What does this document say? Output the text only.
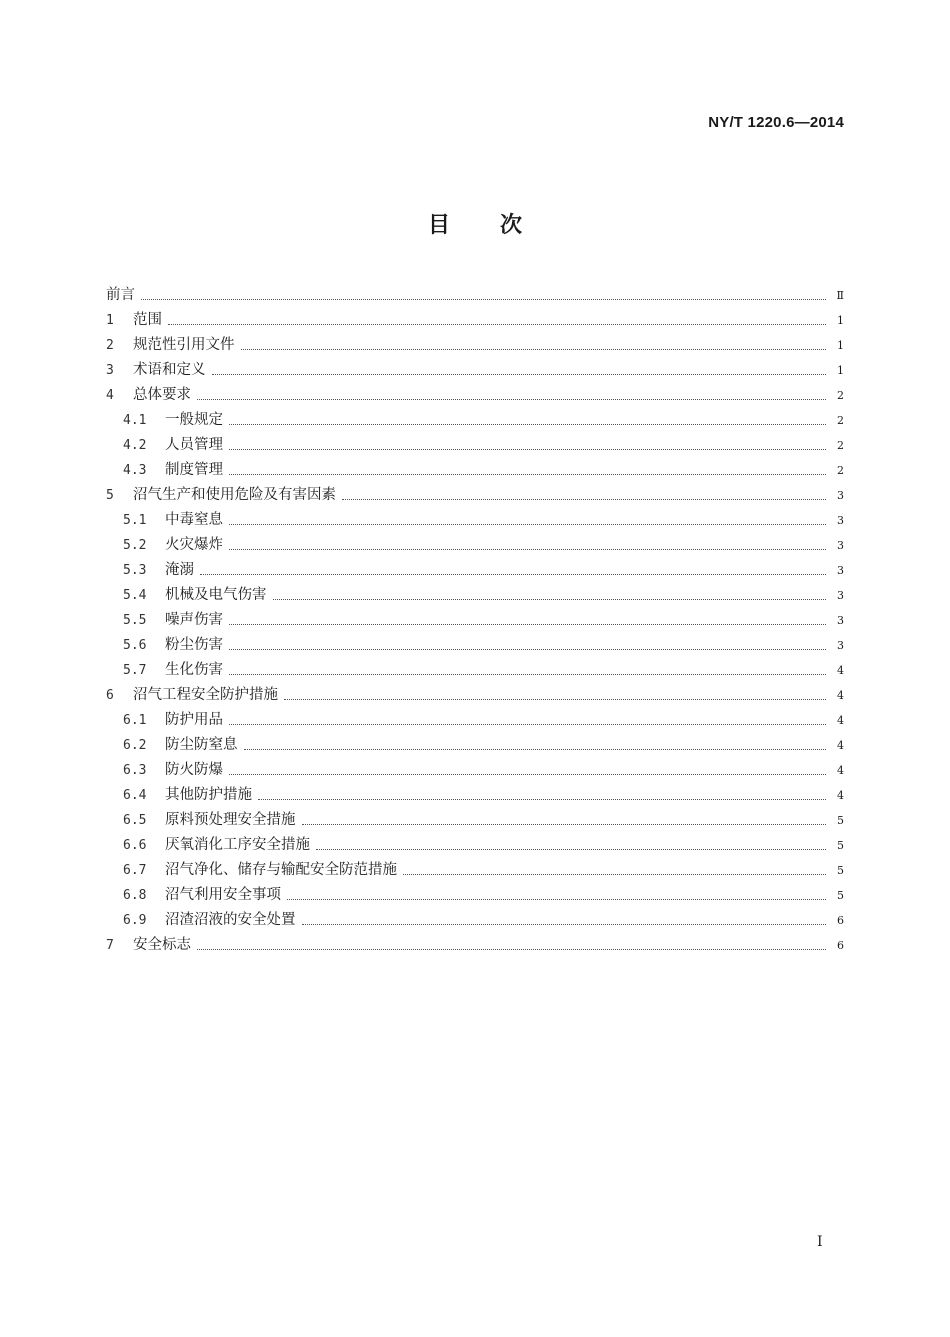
NY/T 1220.6—2014
目次
前言	Ⅱ
1	范围	1
2	规范性引用文件	1
3	术语和定义	1
4	总体要求	2
4.1	一般规定	2
4.2	人员管理	2
4.3	制度管理	2
5	沼气生产和使用危险及有害因素	3
5.1	中毒窒息	3
5.2	火灾爆炸	3
5.3	淹溺	3
5.4	机械及电气伤害	3
5.5	噪声伤害	3
5.6	粉尘伤害	3
5.7	生化伤害	4
6	沼气工程安全防护措施	4
6.1	防护用品	4
6.2	防尘防窒息	4
6.3	防火防爆	4
6.4	其他防护措施	4
6.5	原料预处理安全措施	5
6.6	厌氧消化工序安全措施	5
6.7	沼气净化、储存与输配安全防范措施	5
6.8	沼气利用安全事项	5
6.9	沼渣沼液的安全处置	6
7	安全标志	6
Ⅰ
